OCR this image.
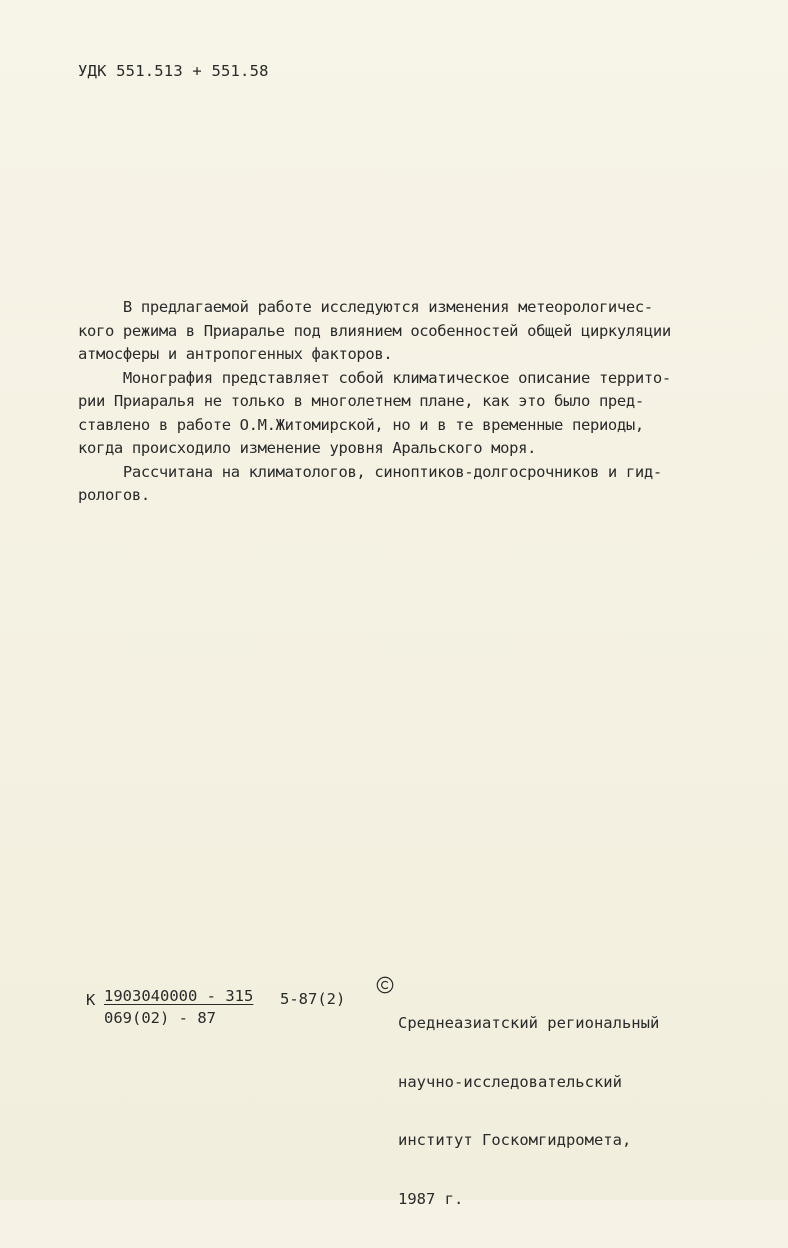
УДК 551.513 + 551.58
В предлагаемой работе исследуются изменения метеорологичес-
кого режима в Приаралье под влиянием особенностей общей циркуляции
атмосферы и антропогенных факторов.
Монография представляет собой климатическое описание террито-
рии Приаралья не только в многолетнем плане, как это было пред-
ставлено в работе О.М.Житомирской, но и в те временные периоды,
когда происходило изменение уровня Аральского моря.
Рассчитана на климатологов, синоптиков-долгосрочников и гид-
рологов.

К

1903040000 - 315

069(02) - 87

5-87(2)

Среднеазиатский региональный

научно-исследовательский

институт Госкомгидромета,

1987 г.
